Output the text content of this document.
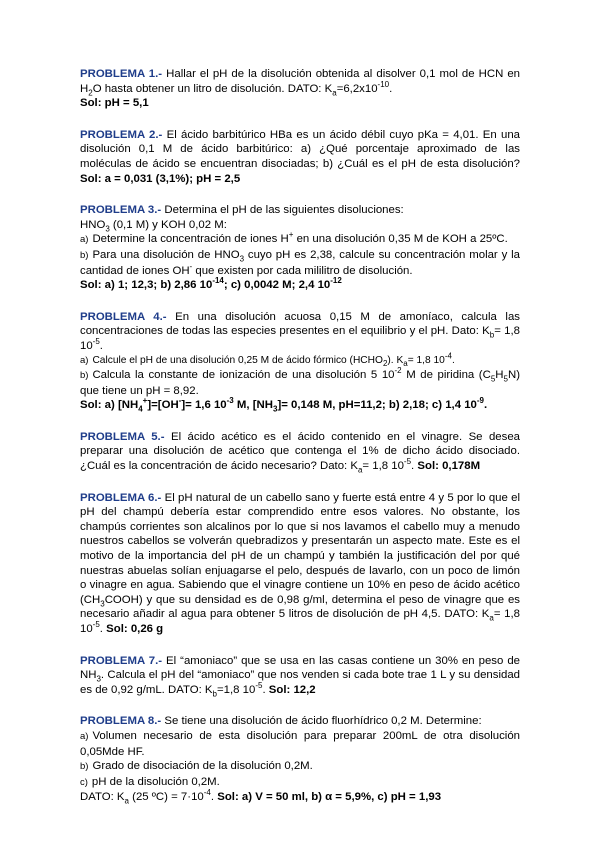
PROBLEMA 1.- Hallar el pH de la disolución obtenida al disolver 0,1 mol de HCN en $H_2O$ hasta obtener un litro de disolución. DATO: $K_a=6,2x10^{-10}$.
Sol: pH = 5,1
PROBLEMA 2.- El ácido barbitúrico HBa es un ácido débil cuyo pKa = 4,01. En una disolución 0,1 M de ácido barbitúrico: a) ¿Qué porcentaje aproximado de las moléculas de ácido se encuentran disociadas; b) ¿Cuál es el pH de esta disolución? Sol: a = 0,031 (3,1%); pH = 2,5
PROBLEMA 3.- Determina el pH de las siguientes disoluciones:
$HNO_3$ (0,1 M) y KOH 0,02 M:
a) Determine la concentración de iones H+ en una disolución 0,35 M de KOH a 25ºC.
b) Para una disolución de $HNO_3$ cuyo pH es 2,38, calcule su concentración molar y la cantidad de iones OH- que existen por cada mililitro de disolución.
Sol: a) 1; 12,3; b) 2,86 $10^{-14}$; c) 0,0042 M; 2,4 $10^{-12}$
PROBLEMA 4.- En una disolución acuosa 0,15 M de amoníaco, calcula las concentraciones de todas las especies presentes en el equilibrio y el pH. Dato: $K_b= 1,8$ $10^{-5}$.
a) Calcule el pH de una disolución 0,25 M de ácido fórmico $(HCHO_2)$. $K_a= 1,8$ $10^{-4}$.
b) Calcula la constante de ionización de una disolución 5 $10^{-2}$ M de piridina $(C_5H_5N)$ que tiene un pH = 8,92.
Sol: a) $[NH_4^+]=[OH^-]= 1,6$ $10^{-3}$ M, $[NH_3]= 0,148$ M, pH=11,2; b) 2,18; c) 1,4 $10^{-9}$.
PROBLEMA 5.- El ácido acético es el ácido contenido en el vinagre. Se desea preparar una disolución de acético que contenga el 1% de dicho ácido disociado. ¿Cuál es la concentración de ácido necesario? Dato: $K_a= 1,8$ $10^{-5}$. Sol: 0,178M
PROBLEMA 6.- El pH natural de un cabello sano y fuerte está entre 4 y 5 por lo que el pH del champú debería estar comprendido entre esos valores. No obstante, los champús corrientes son alcalinos por lo que si nos lavamos el cabello muy a menudo nuestros cabellos se volverán quebradizos y presentarán un aspecto mate. Este es el motivo de la importancia del pH de un champú y también la justificación del por qué nuestras abuelas solían enjuagarse el pelo, después de lavarlo, con un poco de limón o vinagre en agua. Sabiendo que el vinagre contiene un 10% en peso de ácido acético $(CH_3COOH)$ y que su densidad es de 0,98 g/ml, determina el peso de vinagre que es necesario añadir al agua para obtener 5 litros de disolución de pH 4,5. DATO: $K_a= 1,8$ $10^{-5}$. Sol: 0,26 g
PROBLEMA 7.- El “amoniaco” que se usa en las casas contiene un 30% en peso de $NH_3$. Calcula el pH del “amoniaco” que nos venden si cada bote trae 1 L y su densidad es de 0,92 g/mL. DATO: $K_b=1,8$ $10^{-5}$. Sol: 12,2
PROBLEMA 8.- Se tiene una disolución de ácido fluorhídrico 0,2 M. Determine:
a) Volumen necesario de esta disolución para preparar 200mL de otra disolución 0,05Mde HF.
b) Grado de disociación de la disolución 0,2M.
c) pH de la disolución 0,2M.
DATO: $K_a$ (25 ºC) = $7\cdot 10^{-4}$. Sol: a) V = 50 ml, b) α = 5,9%, c) pH = 1,93
